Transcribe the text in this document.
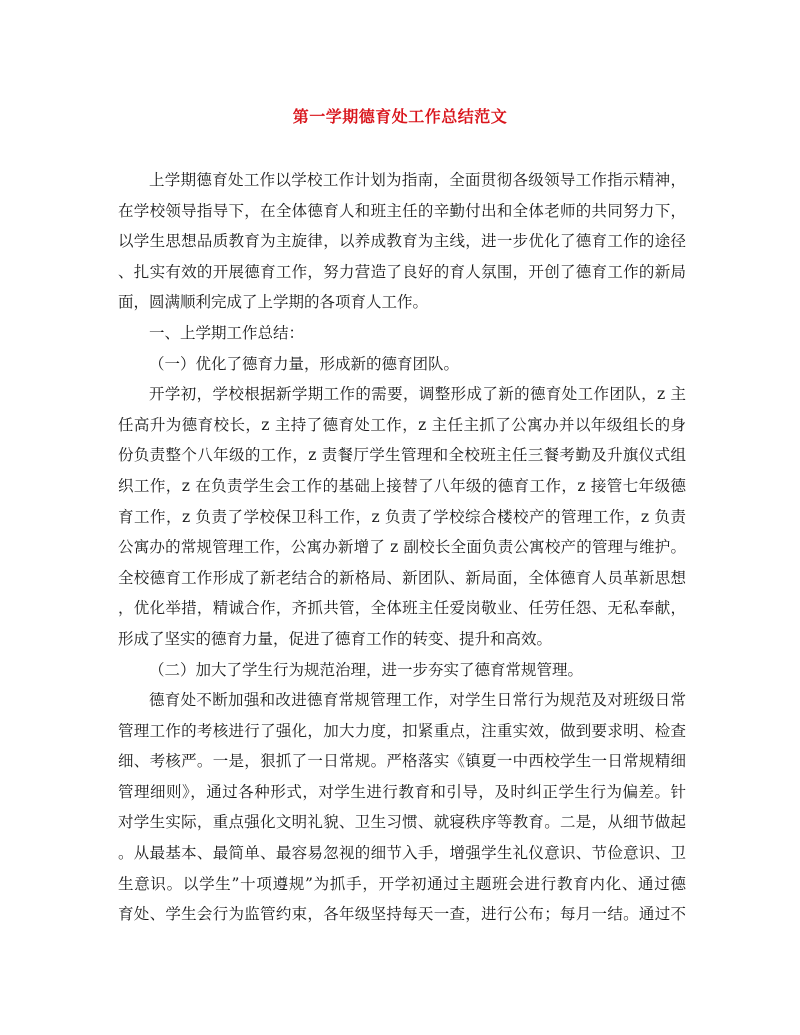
第一学期德育处工作总结范文
上学期德育处工作以学校工作计划为指南，全面贯彻各级领导工作指示精神，
在学校领导指导下，在全体德育人和班主任的辛勤付出和全体老师的共同努力下，
以学生思想品质教育为主旋律，以养成教育为主线，进一步优化了德育工作的途径
、扎实有效的开展德育工作，努力营造了良好的育人氛围，开创了德育工作的新局
面，圆满顺利完成了上学期的各项育人工作。
一、上学期工作总结：
（一）优化了德育力量，形成新的德育团队。
开学初，学校根据新学期工作的需要，调整形成了新的德育处工作团队，z 主
任高升为德育校长，z 主持了德育处工作，z 主任主抓了公寓办并以年级组长的身
份负责整个八年级的工作，z 责餐厅学生管理和全校班主任三餐考勤及升旗仪式组
织工作，z 在负责学生会工作的基础上接替了八年级的德育工作，z 接管七年级德
育工作，z 负责了学校保卫科工作，z 负责了学校综合楼校产的管理工作，z 负责
公寓办的常规管理工作，公寓办新增了 z 副校长全面负责公寓校产的管理与维护。
全校德育工作形成了新老结合的新格局、新团队、新局面，全体德育人员革新思想
，优化举措，精诚合作，齐抓共管，全体班主任爱岗敬业、任劳任怨、无私奉献，
形成了坚实的德育力量，促进了德育工作的转变、提升和高效。
（二）加大了学生行为规范治理，进一步夯实了德育常规管理。
德育处不断加强和改进德育常规管理工作，对学生日常行为规范及对班级日常
管理工作的考核进行了强化，加大力度，扣紧重点，注重实效，做到要求明、检查
细、考核严。一是，狠抓了一日常规。严格落实《镇夏一中西校学生一日常规精细
管理细则》，通过各种形式，对学生进行教育和引导，及时纠正学生行为偏差。针
对学生实际，重点强化文明礼貌、卫生习惯、就寝秩序等教育。二是，从细节做起
。从最基本、最简单、最容易忽视的细节入手，增强学生礼仪意识、节俭意识、卫
生意识。以学生”十项遵规”为抓手，开学初通过主题班会进行教育内化、通过德
育处、学生会行为监管约束，各年级坚持每天一查，进行公布；每月一结。通过不
